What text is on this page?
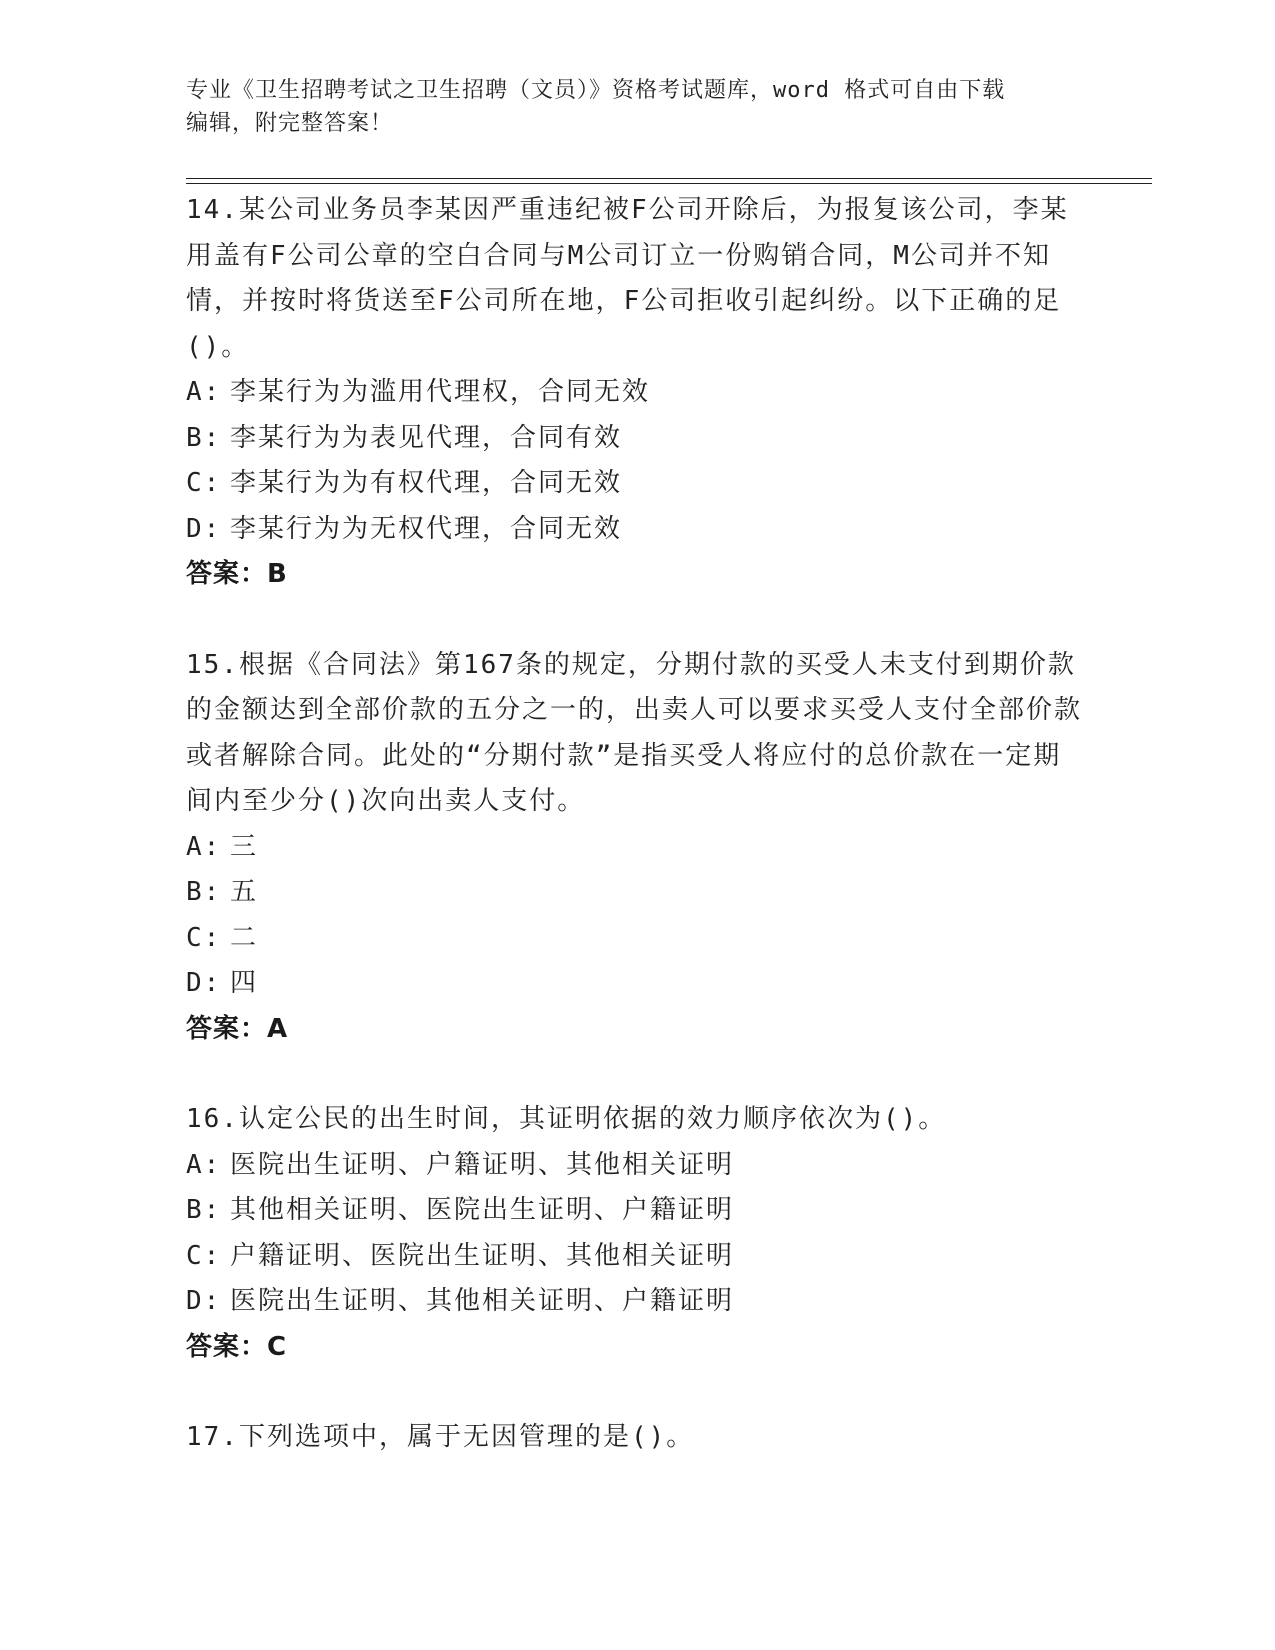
专业《卫生招聘考试之卫生招聘（文员）》资格考试题库，word 格式可自由下载
编辑，附完整答案！

14.某公司业务员李某因严重违纪被F公司开除后，为报复该公司，李某用盖有F公司公章的空白合同与M公司订立一份购销合同，M公司并不知情，并按时将货送至F公司所在地，F公司拒收引起纠纷。以下正确的足()。

A: 李某行为为滥用代理权，合同无效

B: 李某行为为表见代理，合同有效

C: 李某行为为有权代理，合同无效

D: 李某行为为无权代理，合同无效

答案：B

15.根据《合同法》第167条的规定，分期付款的买受人未支付到期价款的金额达到全部价款的五分之一的，出卖人可以要求买受人支付全部价款或者解除合同。此处的“分期付款”是指买受人将应付的总价款在一定期间内至少分()次向出卖人支付。

A: 三

B: 五

C: 二

D: 四

答案：A

16.认定公民的出生时间，其证明依据的效力顺序依次为()。

A: 医院出生证明、户籍证明、其他相关证明

B: 其他相关证明、医院出生证明、户籍证明

C: 户籍证明、医院出生证明、其他相关证明

D: 医院出生证明、其他相关证明、户籍证明

答案：C

17.下列选项中，属于无因管理的是()。
